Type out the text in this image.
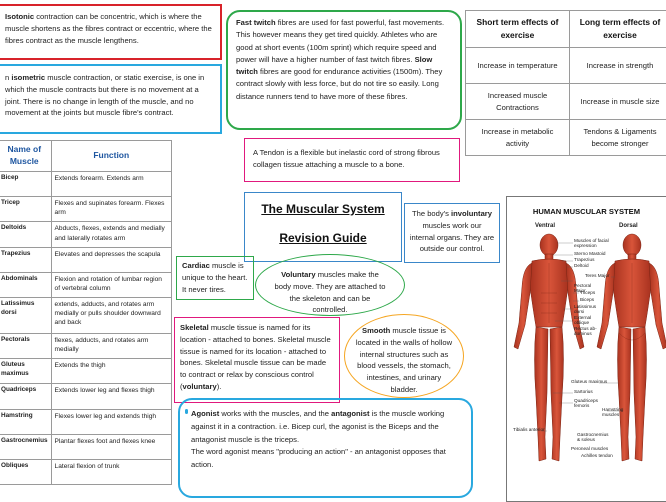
Isotonic contraction can be concentric, which is where the muscle shortens as the fibres contract or eccentric, where the fibres contract as the muscle lengthens.
n isometric muscle contraction, or static exercise, is one in which the muscle contracts but there is no movement at a joint. There is no change in length of the muscle, and no movement at the joints but muscle fibre's contract.
Fast twitch fibres are used for fast powerful, fast movements. This however means they get tired quickly. Athletes who are good at short events (100m sprint) which require speed and power will have a higher number of fast twitch fibres. Slow twitch fibres are good for endurance activities (1500m). They contract slowly with less force, but do not tire so easily. Long distance runners tend to have more of these fibres.
Short term effects of exercise	Long term effects of exercise
Increase in temperature	Increase in strength
Increased muscle Contractions	Increase in muscle size
Increase in metabolic activity	Tendons & Ligaments become stronger
A Tendon is a flexible but inelastic cord of strong fibrous collagen tissue attaching a muscle to a bone.
The Muscular System
Revision Guide
The body's involuntary muscles work our internal organs. They are outside our control.
Cardiac muscle is unique to the heart. It never tires.
Voluntary muscles make the body move. They are attached to the skeleton and can be controlled.
Skeletal muscle tissue is named for its location - attached to bones. Skeletal muscle tissue is named for its location - attached to bones. Skeletal muscle tissue can be made to contract or relax by conscious control (voluntary).
Smooth muscle tissue is located in the walls of hollow internal structures such as blood vessels, the stomach, intestines, and urinary bladder.
Agonist works with the muscles, and the antagonist is the muscle working against it in a contraction. i.e. Bicep curl, the agonist is the Biceps and the antagonist muscle is the triceps.
The word agonist means "producing an action" - an antagonist opposes that action.
Name of Muscle	Function
Bicep	Extends forearm. Extends arm
Tricep	Flexes and supinates forearm. Flexes arm
Deltoids	Abducts, flexes, extends and medially and laterally rotates arm
Trapezius	Elevates and depresses the scapula
Abdominals	Flexion and rotation of lumbar region of vertebral column
Latissimus dorsi	extends, adducts, and rotates arm medially or pulls shoulder downward and back
Pectorals	flexes, adducts, and rotates arm medially
Gluteus maximus	Extends the thigh
Quadriceps	Extends lower leg and flexes thigh
Hamstring	Flexes lower leg and extends thigh
Gastrocnemius	Plantar flexes foot and flexes knee
Obliques	Lateral flexion of trunk
HUMAN MUSCULAR SYSTEM
Ventral	Dorsal
Muscles of facial expression
Sterno Mastoid
Trapezius
Deltoid
Teres Major
Pectoral Major
Triceps
Biceps
Latissimus dorsi
External oblique
Rectus ab-dominus
Gluteus maximus
Sartorius
Quadriceps femoris
Hamstring muscles
Tibialis anterior
Gastrocnemius & soleus
Peroneal muscles
Achilles tendon
